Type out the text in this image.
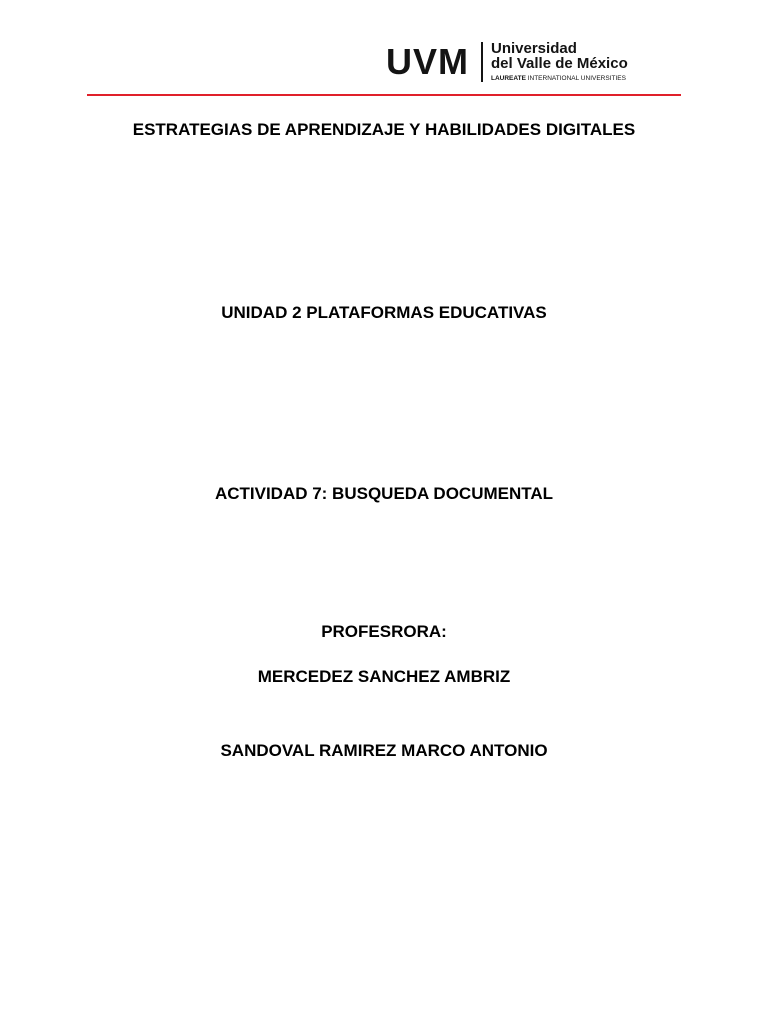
UVM Universidad
del Valle de México
LAUREATE INTERNATIONAL UNIVERSITIES
ESTRATEGIAS DE APRENDIZAJE Y HABILIDADES DIGITALES
UNIDAD 2 PLATAFORMAS EDUCATIVAS
ACTIVIDAD 7: BUSQUEDA DOCUMENTAL
PROFESRORA:
MERCEDEZ SANCHEZ AMBRIZ
SANDOVAL RAMIREZ MARCO ANTONIO
